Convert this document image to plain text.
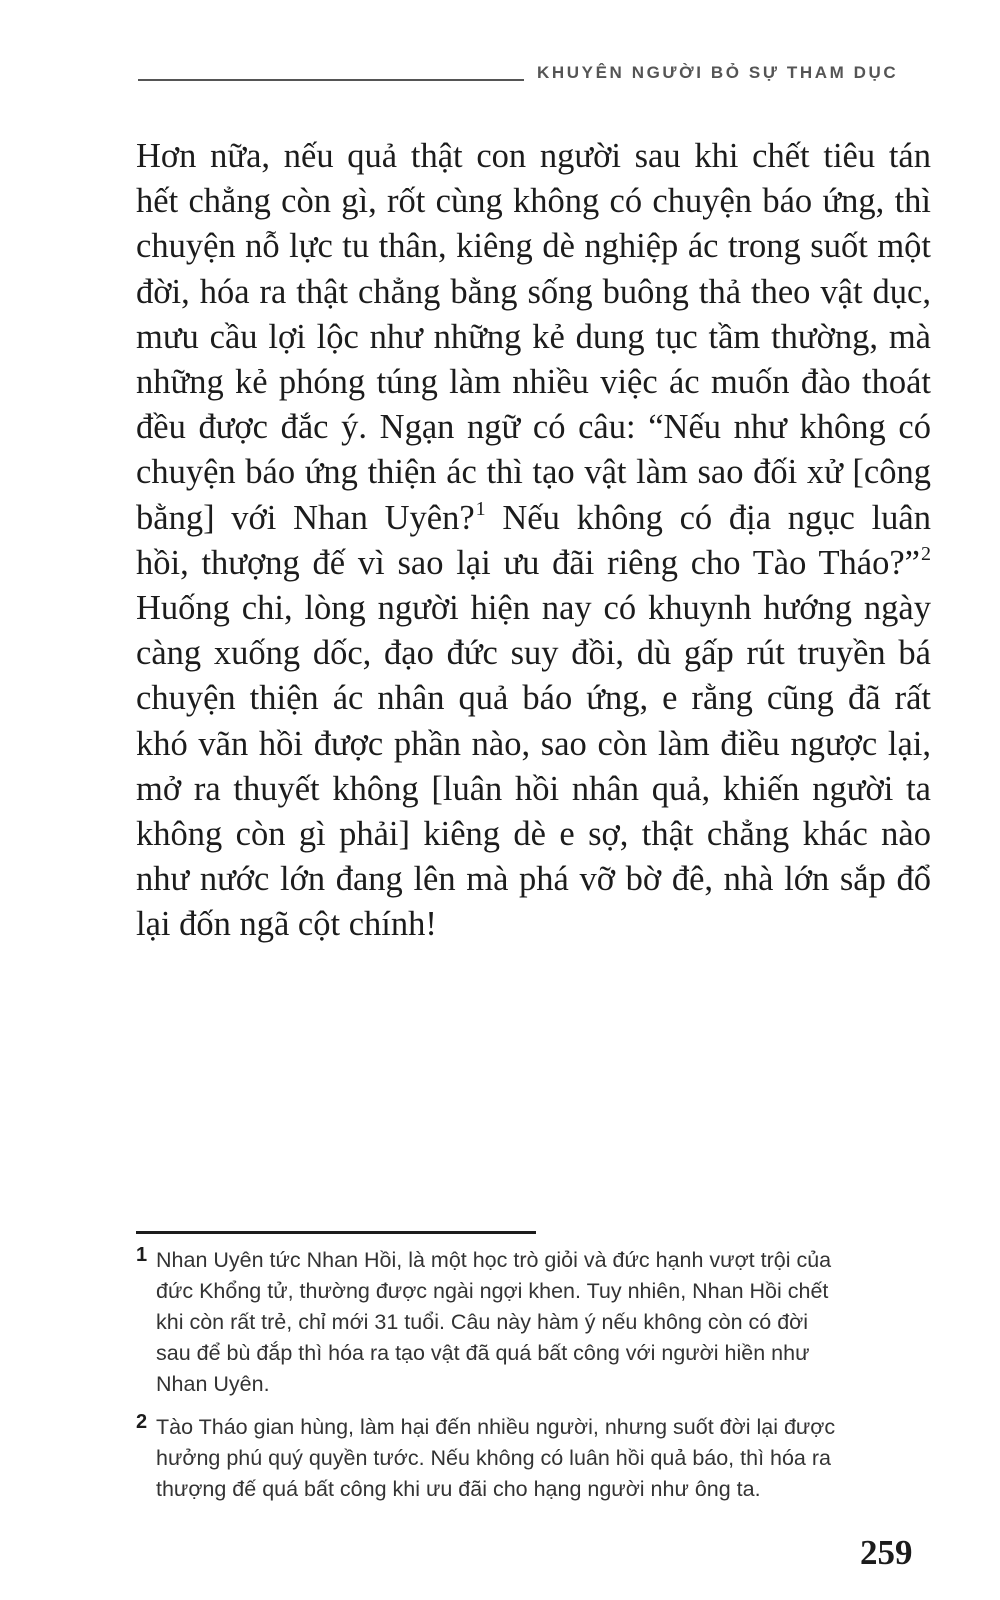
KHUYÊN NGƯỜI BỎ SỰ THAM DỤC
Hơn nữa, nếu quả thật con người sau khi chết tiêu tán
hết chẳng còn gì, rốt cùng không có chuyện báo ứng, thì
chuyện nỗ lực tu thân, kiêng dè nghiệp ác trong suốt một
đời, hóa ra thật chẳng bằng sống buông thả theo vật dục,
mưu cầu lợi lộc như những kẻ dung tục tầm thường, mà
những kẻ phóng túng làm nhiều việc ác muốn đào thoát
đều được đắc ý. Ngạn ngữ có câu: “Nếu như không có
chuyện báo ứng thiện ác thì tạo vật làm sao đối xử [công
bằng] với Nhan Uyên?$^1$ Nếu không có địa ngục luân
hồi, thượng đế vì sao lại ưu đãi riêng cho Tào Tháo?”$^2$
Huống chi, lòng người hiện nay có khuynh hướng ngày
càng xuống dốc, đạo đức suy đồi, dù gấp rút truyền bá
chuyện thiện ác nhân quả báo ứng, e rằng cũng đã rất
khó vãn hồi được phần nào, sao còn làm điều ngược lại,
mở ra thuyết không [luân hồi nhân quả, khiến người ta
không còn gì phải] kiêng dè e sợ, thật chẳng khác nào
như nước lớn đang lên mà phá vỡ bờ đê, nhà lớn sắp đổ
lại đốn ngã cột chính!
1 Nhan Uyên tức Nhan Hồi, là một học trò giỏi và đức hạnh vượt trội của
đức Khổng tử, thường được ngài ngợi khen. Tuy nhiên, Nhan Hồi chết
khi còn rất trẻ, chỉ mới 31 tuổi. Câu này hàm ý nếu không còn có đời
sau để bù đắp thì hóa ra tạo vật đã quá bất công với người hiền như
Nhan Uyên.
2 Tào Tháo gian hùng, làm hại đến nhiều người, nhưng suốt đời lại được
hưởng phú quý quyền tước. Nếu không có luân hồi quả báo, thì hóa ra
thượng đế quá bất công khi ưu đãi cho hạng người như ông ta.
259
